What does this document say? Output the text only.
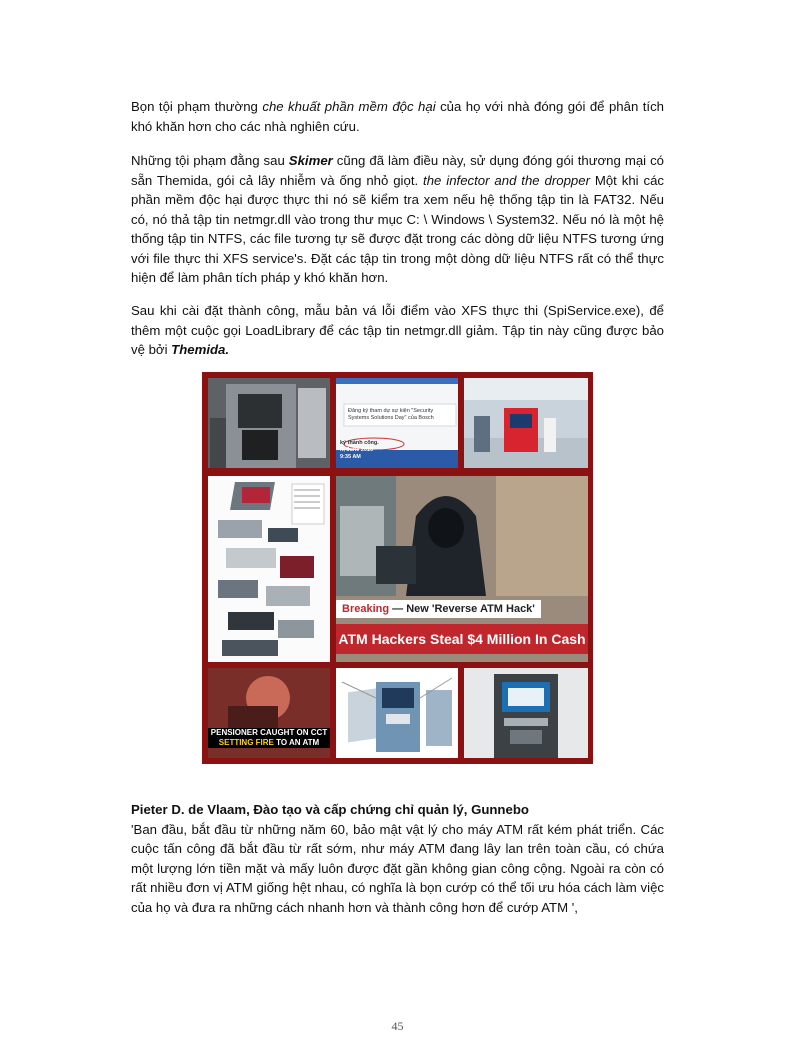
Bọn tội phạm thường che khuất phần mềm độc hại của họ với nhà đóng gói để phân tích khó khăn hơn cho các nhà nghiên cứu.

Những tội phạm đằng sau Skimer cũng đã làm điều này, sử dụng đóng gói thương mại có sẵn Themida, gói cả lây nhiễm và ống nhỏ giọt. the infector and the dropper Một khi các phần mềm độc hại được thực thi nó sẽ kiểm tra xem nếu hệ thống tập tin là FAT32. Nếu có, nó thả tập tin netmgr.dll vào trong thư mục C: \ Windows \ System32. Nếu nó là một hệ thống tập tin NTFS, các file tương tự sẽ được đặt trong các dòng dữ liệu NTFS tương ứng với file thực thi XFS service's. Đặt các tập tin trong một dòng dữ liệu NTFS rất có thể thực hiện để làm phân tích pháp y khó khăn hơn.

Sau khi cài đặt thành công, mẫu bản vá lỗi điểm vào XFS thực thi (SpiService.exe), để thêm một cuộc gọi LoadLibrary để các tập tin netmgr.dll giảm. Tập tin này cũng được bảo vệ bởi Themida.

Đăng ký tham dự sự kiện "Security
Systems Solutions Day" của Bosch
ký thành công.
h, June 2016
9:35 AM
Breaking — New 'Reverse ATM Hack'
ATM Hackers Steal $4 Million In Cash
PENSIONER CAUGHT ON CCT
SETTING FIRE TO AN ATM
Pieter D. de Vlaam, Đào tạo và cấp chứng chỉ quản lý, Gunnebo
'Ban đầu, bắt đầu từ những năm 60, bảo mật vật lý cho máy ATM rất kém phát triển. Các cuộc tấn công đã bắt đầu từ rất sớm, như máy ATM đang lây lan trên toàn cầu, có chứa một lượng lớn tiền mặt và mấy luôn được đặt gần không gian công cộng. Ngoài ra còn có rất nhiều đơn vị ATM giống hệt nhau, có nghĩa là bọn cướp có thể tối ưu hóa cách làm việc của họ và đưa ra những cách nhanh hơn và thành công hơn để cướp ATM ',
45
